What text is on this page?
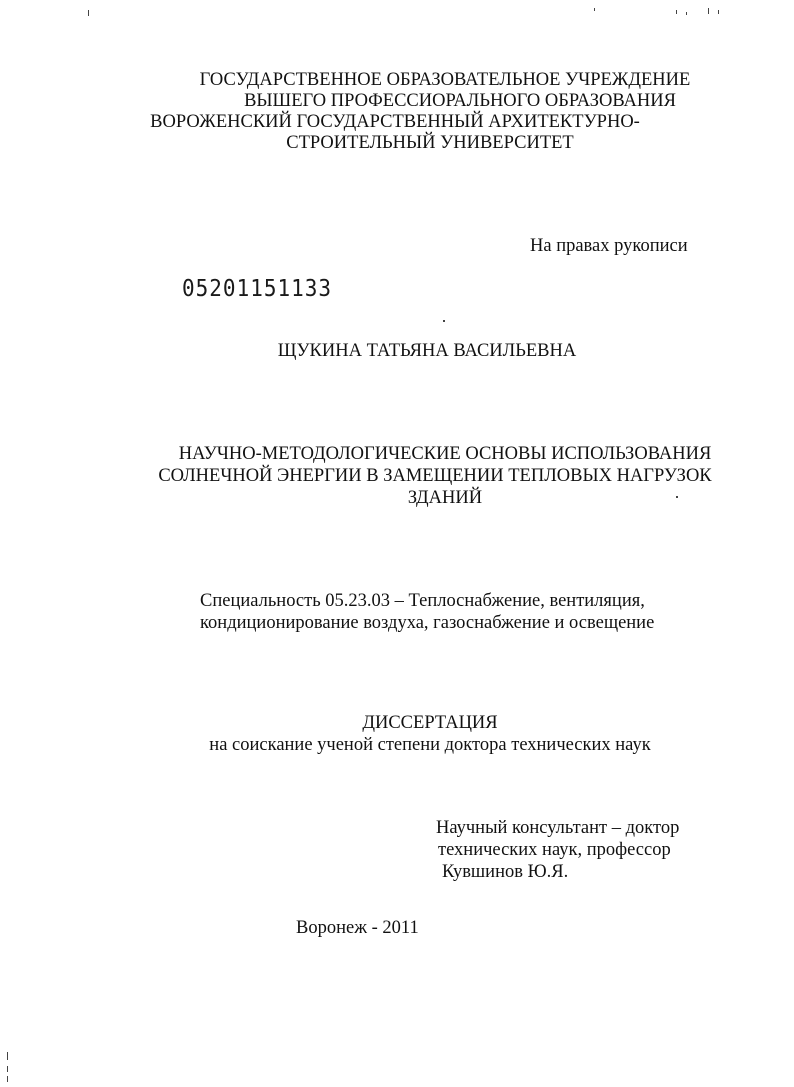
ГОСУДАРСТВЕННОЕ ОБРАЗОВАТЕЛЬНОЕ УЧРЕЖДЕНИЕ
ВЫШЕГО ПРОФЕССИОРАЛЬНОГО ОБРАЗОВАНИЯ
ВОРОЖЕНСКИЙ ГОСУДАРСТВЕННЫЙ АРХИТЕКТУРНО-
СТРОИТЕЛЬНЫЙ УНИВЕРСИТЕТ
На правах рукописи
05201151133
ЩУКИНА ТАТЬЯНА ВАСИЛЬЕВНА
НАУЧНО-МЕТОДОЛОГИЧЕСКИЕ ОСНОВЫ ИСПОЛЬЗОВАНИЯ
СОЛНЕЧНОЙ ЭНЕРГИИ В ЗАМЕЩЕНИИ ТЕПЛОВЫХ НАГРУЗОК
ЗДАНИЙ
Специальность 05.23.03 – Теплоснабжение, вентиляция,
кондиционирование воздуха, газоснабжение и освещение
ДИССЕРТАЦИЯ
на соискание ученой степени доктора технических наук
Научный консультант – доктор
технических наук, профессор
Кувшинов Ю.Я.
Воронеж - 2011
